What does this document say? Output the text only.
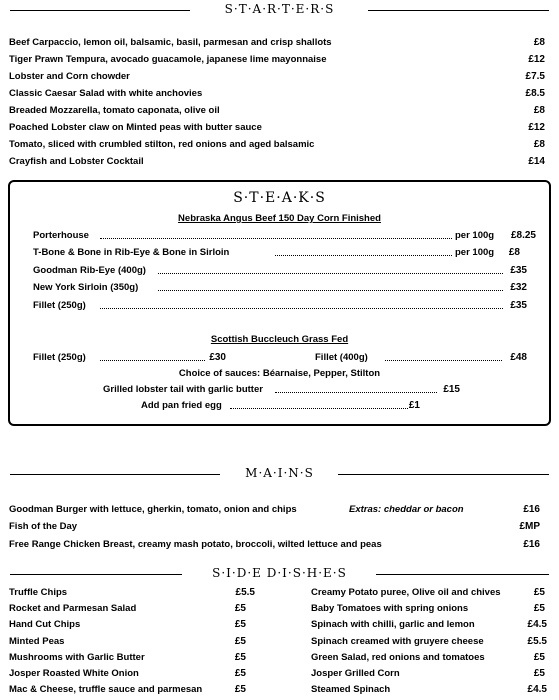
S·T·A·R·T·E·R·S
Beef Carpaccio, lemon oil, balsamic, basil, parmesan and crisp shallots	£8
Tiger Prawn Tempura, avocado guacamole, japanese lime mayonnaise	£12
Lobster and Corn chowder	£7.5
Classic Caesar Salad with white anchovies	£8.5
Breaded Mozzarella, tomato caponata, olive oil	£8
Poached Lobster claw on Minted peas with butter sauce	£12
Tomato, sliced with crumbled stilton, red onions and aged balsamic	£8
Crayfish and Lobster Cocktail	£14
S·T·E·A·K·S
Nebraska Angus Beef 150 Day Corn Finished
Porterhouse	per 100g	£8.25
T-Bone & Bone in Rib-Eye & Bone in Sirloin	per 100g	£8
Goodman Rib-Eye (400g)	£35
New York Sirloin (350g)	£32
Fillet (250g)	£35
Scottish Buccleuch Grass Fed
Fillet (250g)	£30	Fillet (400g)	£48
Choice of sauces: Béarnaise, Pepper, Stilton
Grilled lobster tail with garlic butter	£15
Add pan fried egg	£1
M·A·I·N·S
Goodman Burger with lettuce, gherkin, tomato, onion and chips	Extras: cheddar or bacon	£16
Fish of the Day	£MP
Free Range Chicken Breast, creamy mash potato, broccoli, wilted lettuce and peas	£16
S·I·D·E D·I·S·H·E·S
Truffle Chips	£5.5
Rocket and Parmesan Salad	£5
Hand Cut Chips	£5
Minted Peas	£5
Mushrooms with Garlic Butter	£5
Josper Roasted White Onion	£5
Mac & Cheese, truffle sauce and parmesan	£5
Creamy Potato puree, Olive oil and chives	£5
Baby Tomatoes with spring onions	£5
Spinach with chilli, garlic and lemon	£4.5
Spinach creamed with gruyere cheese	£5.5
Green Salad, red onions and tomatoes	£5
Josper Grilled Corn	£5
Steamed Spinach	£4.5
